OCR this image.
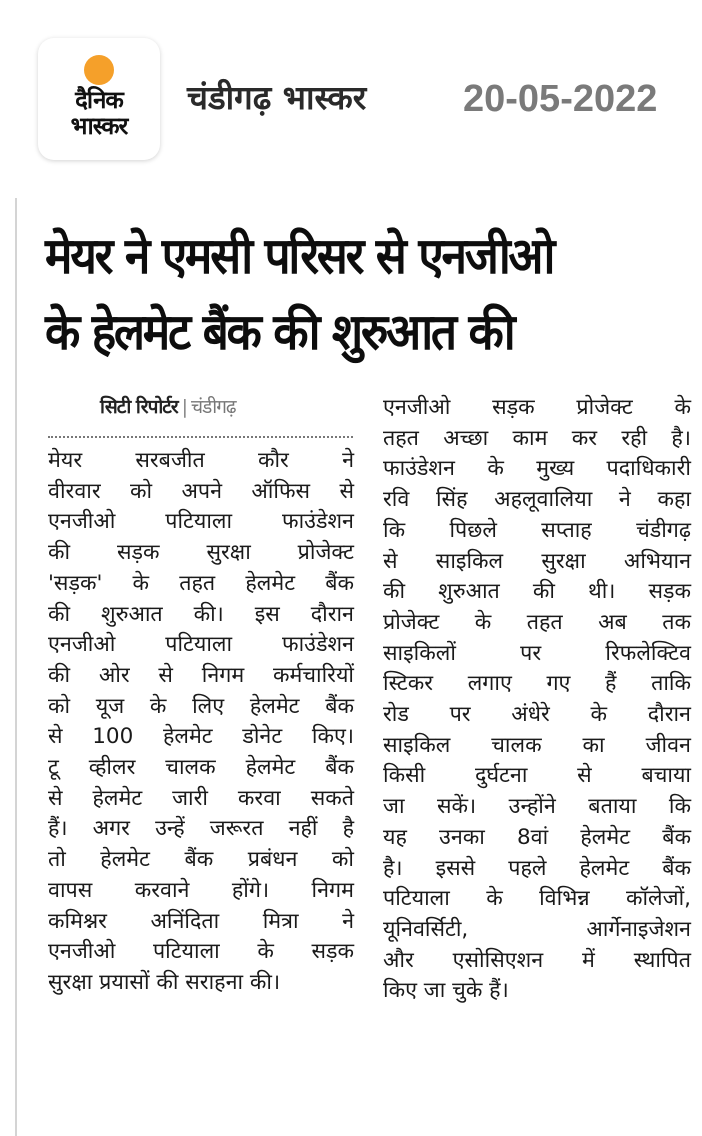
दैनिक
भास्कर
चंडीगढ़ भास्कर	20-05-2022
मेयर ने एमसी परिसर से एनजीओ
के हेलमेट बैंक की शुरुआत की
सिटी रिपोर्टर | चंडीगढ़
मेयर सरबजीत कौर ने
वीरवार को अपने ऑफिस से
एनजीओ पटियाला फाउंडेशन
की सड़क सुरक्षा प्रोजेक्ट
'सड़क' के तहत हेलमेट बैंक
की शुरुआत की। इस दौरान
एनजीओ पटियाला फाउंडेशन
की ओर से निगम कर्मचारियों
को यूज के लिए हेलमेट बैंक
से 100 हेलमेट डोनेट किए।
टू व्हीलर चालक हेलमेट बैंक
से हेलमेट जारी करवा सकते
हैं। अगर उन्हें जरूरत नहीं है
तो हेलमेट बैंक प्रबंधन को
वापस करवाने होंगे। निगम
कमिश्नर अनिंदिता मित्रा ने
एनजीओ पटियाला के सड़क
सुरक्षा प्रयासों की सराहना की।
एनजीओ सड़क प्रोजेक्ट के
तहत अच्छा काम कर रही है।
फाउंडेशन के मुख्य पदाधिकारी
रवि सिंह अहलूवालिया ने कहा
कि पिछले सप्ताह चंडीगढ़
से साइकिल सुरक्षा अभियान
की शुरुआत की थी। सड़क
प्रोजेक्ट के तहत अब तक
साइकिलों पर रिफलेक्टिव
स्टिकर लगाए गए हैं ताकि
रोड पर अंधेरे के दौरान
साइकिल चालक का जीवन
किसी दुर्घटना से बचाया
जा सकें। उन्होंने बताया कि
यह उनका 8वां हेलमेट बैंक
है। इससे पहले हेलमेट बैंक
पटियाला के विभिन्न कॉलेजों,
यूनिवर्सिटी, आर्गेनाइजेशन
और एसोसिएशन में स्थापित
किए जा चुके हैं।
